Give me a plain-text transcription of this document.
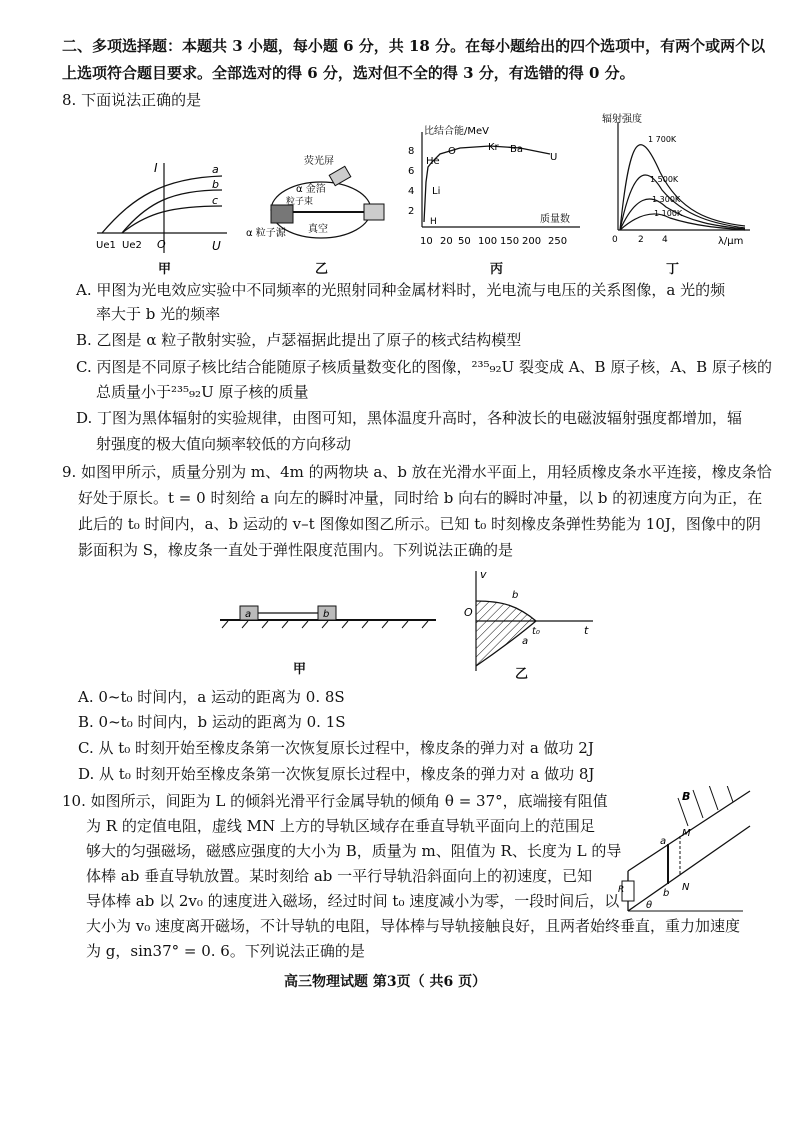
二、多项选择题：本题共 3 小题，每小题 6 分，共 18 分。在每小题给出的四个选项中，有两个或两个以
上选项符合题目要求。全部选对的得 6 分，选对但不全的得 3 分，有选错的得 0 分。
8. 下面说法正确的是
I
U
Ue1 Ue2 O
a
b
c
甲
荧光屏
α 金箔
粒子束
α 粒子源 真空
乙
比结合能/MeV
质量数
8
6
4
2
10 20 50 100 150 200 250
He
O	Kr Ba
U
Li
H
丙
辐射强度
λ/μm
0 2 4
1 700K
1 500K
1 300K
1 100K
丁
A. 甲图为光电效应实验中不同频率的光照射同种金属材料时，光电流与电压的关系图像，a 光的频
率大于 b 光的频率
B. 乙图是 α 粒子散射实验，卢瑟福据此提出了原子的核式结构模型
C. 丙图是不同原子核比结合能随原子核质量数变化的图像，²³⁵₉₂U 裂变成 A、B 原子核，A、B 原子核的
总质量小于²³⁵₉₂U 原子核的质量
D. 丁图为黑体辐射的实验规律，由图可知，黑体温度升高时，各种波长的电磁波辐射强度都增加，辐
射强度的极大值向频率较低的方向移动
9. 如图甲所示，质量分别为 m、4m 的两物块 a、b 放在光滑水平面上，用轻质橡皮条水平连接，橡皮条恰
好处于原长。t = 0 时刻给 a 向左的瞬时冲量，同时给 b 向右的瞬时冲量，以 b 的初速度方向为正，在
此后的 t₀ 时间内，a、b 运动的 v–t 图像如图乙所示。已知 t₀ 时刻橡皮条弹性势能为 10J，图像中的阴
影面积为 S，橡皮条一直处于弹性限度范围内。下列说法正确的是
a	b
甲
v
t
O
t₀
b
a
乙
A. 0~t₀ 时间内，a 运动的距离为 0. 8S
B. 0~t₀ 时间内，b 运动的距离为 0. 1S
C. 从 t₀ 时刻开始至橡皮条第一次恢复原长过程中，橡皮条的弹力对 a 做功 2J
D. 从 t₀ 时刻开始至橡皮条第一次恢复原长过程中，橡皮条的弹力对 a 做功 8J
10. 如图所示，间距为 L 的倾斜光滑平行金属导轨的倾角 θ = 37°，底端接有阻值
为 R 的定值电阻，虚线 MN 上方的导轨区域存在垂直导轨平面向上的范围足
够大的匀强磁场，磁感应强度的大小为 B，质量为 m、阻值为 R、长度为 L 的导
体棒 ab 垂直导轨放置。某时刻给 ab 一平行导轨沿斜面向上的初速度，已知
导体棒 ab 以 2v₀ 的速度进入磁场，经过时间 t₀ 速度减小为零，一段时间后，以
大小为 v₀ 速度离开磁场，不计导轨的电阻，导体棒与导轨接触良好，且两者始终垂直，重力加速度
为 g，sin37° = 0. 6。下列说法正确的是
B
M
N
a
b
R
θ
高三物理试题 第3页（ 共6 页）
